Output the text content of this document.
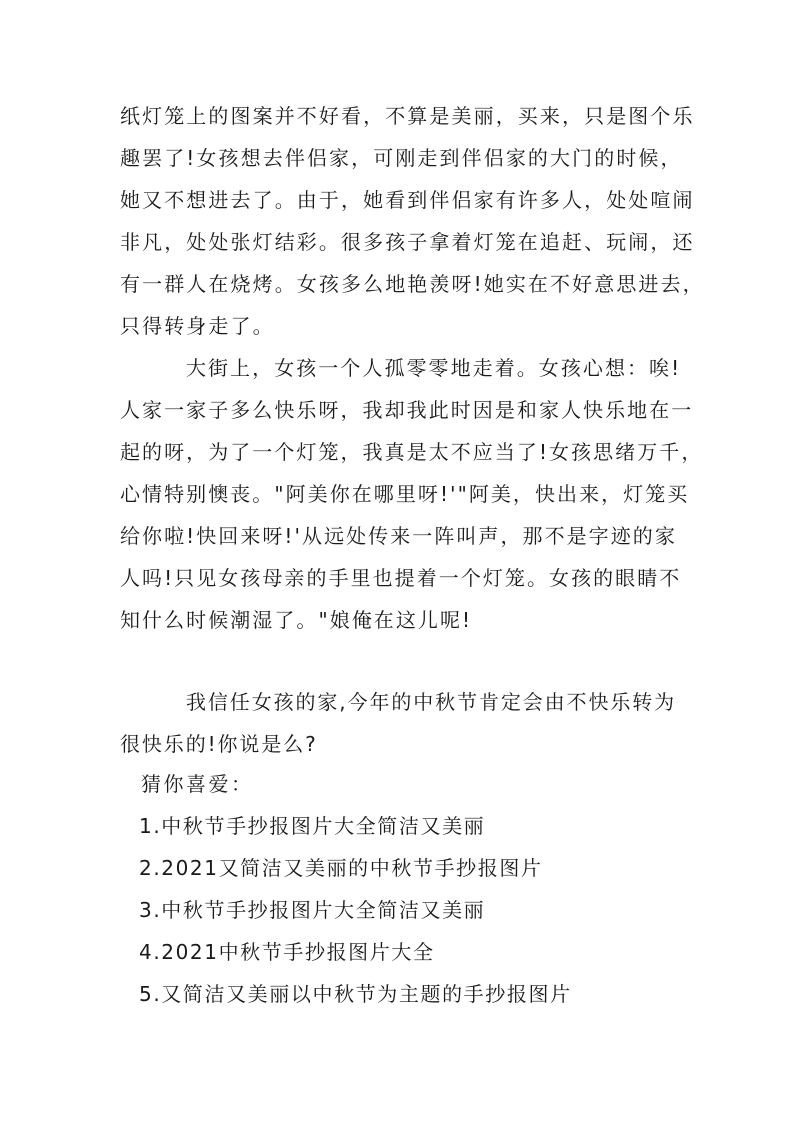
纸灯笼上的图案并不好看，不算是美丽，买来，只是图个乐
趣罢了!女孩想去伴侣家，可刚走到伴侣家的大门的时候，
她又不想进去了。由于，她看到伴侣家有许多人，处处喧闹
非凡，处处张灯结彩。很多孩子拿着灯笼在追赶、玩闹，还
有一群人在烧烤。女孩多么地艳羡呀!她实在不好意思进去，
只得转身走了。
大街上，女孩一个人孤零零地走着。女孩心想：唉!
人家一家子多么快乐呀，我却我此时因是和家人快乐地在一
起的呀，为了一个灯笼，我真是太不应当了!女孩思绪万千，
心情特别懊丧。"阿美你在哪里呀!'"阿美，快出来，灯笼买
给你啦!快回来呀!'从远处传来一阵叫声，那不是字迹的家
人吗!只见女孩母亲的手里也提着一个灯笼。女孩的眼睛不
知什么时候潮湿了。"娘俺在这儿呢!
我信任女孩的家,今年的中秋节肯定会由不快乐转为
很快乐的!你说是么?
猜你喜爱：
1.中秋节手抄报图片大全简洁又美丽
2.2021又简洁又美丽的中秋节手抄报图片
3.中秋节手抄报图片大全简洁又美丽
4.2021中秋节手抄报图片大全
5.又简洁又美丽以中秋节为主题的手抄报图片
